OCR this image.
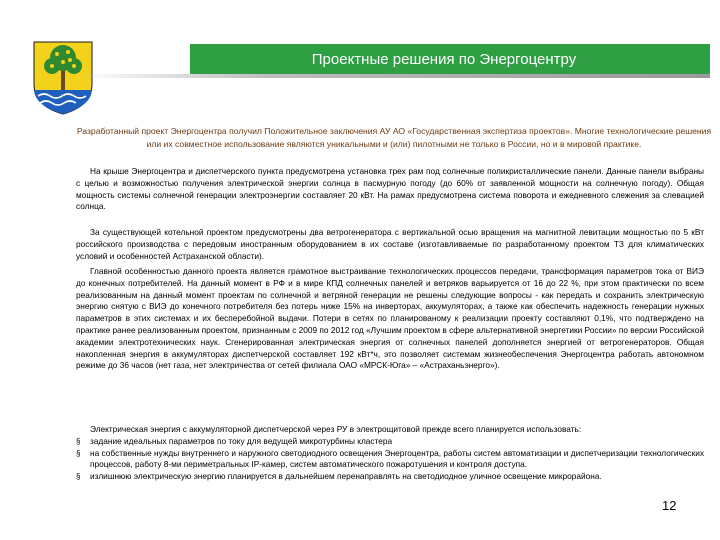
Проектные решения по Энергоцентру
Разработанный проект Энергоцентра получил Положительное заключения АУ АО «Государственная экспертиза проектов». Многие технологические решения или их совместное использование являются уникальными и (или) пилотными не только в России, но и в мировой практике.

На крыше Энергоцентра и диспетчерского пункта предусмотрена установка трех рам под солнечные поликристаллические панели. Данные панели выбраны с целью и возможностью получения электрической энергии солнца в пасмурную погоду (до 60% от заявленной мощности на солнечную погоду). Общая мощность системы солнечной генерации электроэнергии составляет 20 кВт. На рамах предусмотрена система поворота и ежедневного слежения за слевацией солнца.

За существующей котельной проектом предусмотрены два ветрогенератора с вертикальной осью вращения на магнитной левитации мощностью по 5 кВт российского производства с передовым иностранным оборудованием в их составе (изготавливаемые по разработанному проектом ТЗ для климатических условий и особенностей Астраханской области).

Главной особенностью данного проекта является грамотное выстраивание технологических процессов передачи, трансформация параметров тока от ВИЭ до конечных потребителей. На данный момент в РФ и в мире КПД солнечных панелей и ветряков варьируется от 16 до 22 %, при этом практически по всем реализованным на данный момент проектам по солнечной и ветряной генерации не решены следующие вопросы - как передать и сохранить электрическую энергию снятую с ВИЭ до конечного потребителя без потерь ниже 15% на инверторах, аккумуляторах, а также как обеспечить надежность генерации нужных параметров в этих системах и их бесперебойной выдачи. Потери в сетях по планированому к реализации проекту составляют 0,1%, что подтверждено на практике ранее реализованным проектом, признанным с 2009 по 2012 год «Лучшим проектом в сфере альтернативной энергетики России» по версии Российской академии электротехнических наук. Сгенерированная электрическая энергия от солнечных панелей дополняется энергией от ветрогенераторов. Общая накопленная энергия в аккумуляторах диспетчерской составляет 192 кВт*ч, это позволяет системам жизнеобеспечения Энергоцентра работать автономном режиме до 36 часов (нет газа, нет электричества от сетей филиала ОАО «МРСК-Юга» – «Астраханьэнерго»).

Электрическая энергия с аккумуляторной диспетчерской через РУ в электрощитовой прежде всего планируется использовать:

§ задание идеальных параметров по току для ведущей микротурбины кластера

§ на собственные нужды внутреннего и наружного светодиодного освещения Энергоцентра, работы систем автоматизации и диспетчеризации технологических процессов, работу 8-ми периметральных IP-камер, систем автоматического пожаротушения и контроля доступа.

§ излишнюю электрическую энергию планируется в дальнейшем перенаправлять на светодиодное уличное освещение микрорайона.

12
